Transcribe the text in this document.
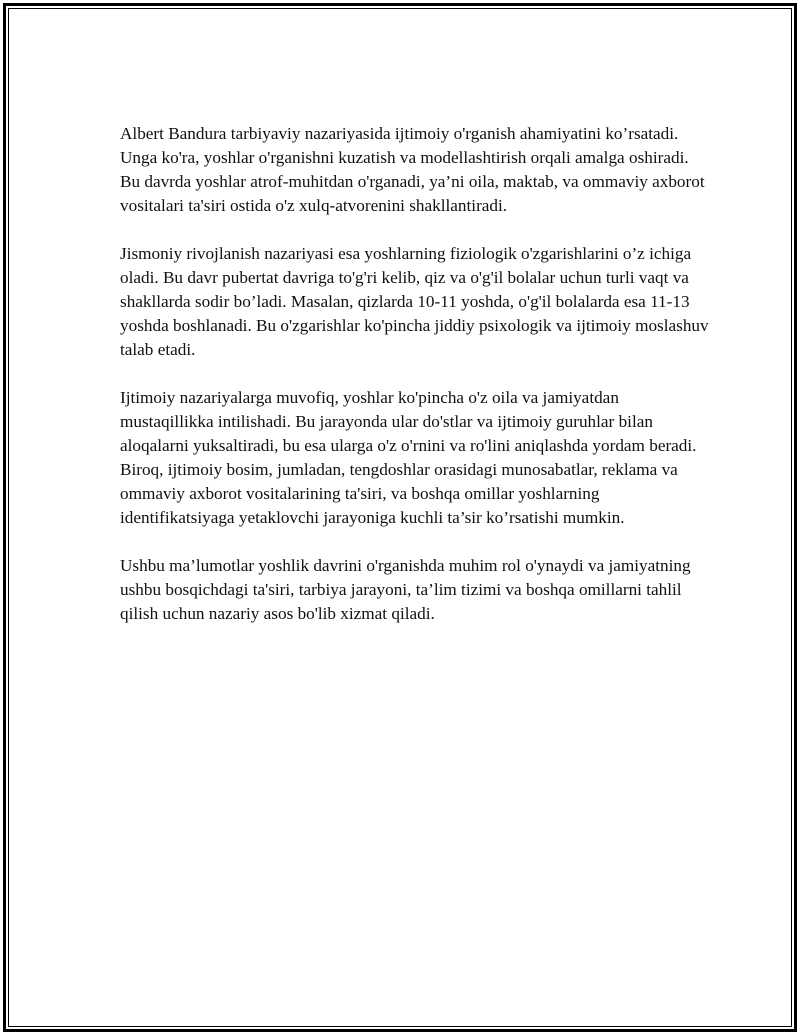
Albert Bandura tarbiyaviy nazariyasida ijtimoiy o'rganish ahamiyatini ko’rsatadi. Unga ko'ra, yoshlar o'rganishni kuzatish va modellashtirish orqali amalga oshiradi. Bu davrda yoshlar atrof-muhitdan o'rganadi, ya’ni oila, maktab, va ommaviy axborot vositalari ta'siri ostida o'z xulq-atvorenini shakllantiradi.

Jismoniy rivojlanish nazariyasi esa yoshlarning fiziologik o'zgarishlarini o’z ichiga oladi. Bu davr pubertat davriga to'g'ri kelib, qiz va o'g'il bolalar uchun turli vaqt va shakllarda sodir bo’ladi. Masalan, qizlarda 10-11 yoshda, o'g'il bolalarda esa 11-13 yoshda boshlanadi. Bu o'zgarishlar ko'pincha jiddiy psixologik va ijtimoiy moslashuv talab etadi.

Ijtimoiy nazariyalarga muvofiq, yoshlar ko'pincha o'z oila va jamiyatdan mustaqillikka intilishadi. Bu jarayonda ular do'stlar va ijtimoiy guruhlar bilan aloqalarni yuksaltiradi, bu esa ularga o'z o'rnini va ro'lini aniqlashda yordam beradi. Biroq, ijtimoiy bosim, jumladan, tengdoshlar orasidagi munosabatlar, reklama va ommaviy axborot vositalarining ta'siri, va boshqa omillar yoshlarning identifikatsiyaga yetaklovchi jarayoniga kuchli ta’sir ko’rsatishi mumkin.

Ushbu ma’lumotlar yoshlik davrini o'rganishda muhim rol o'ynaydi va jamiyatning ushbu bosqichdagi ta'siri, tarbiya jarayoni, ta’lim tizimi va boshqa omillarni tahlil qilish uchun nazariy asos bo'lib xizmat qiladi.
